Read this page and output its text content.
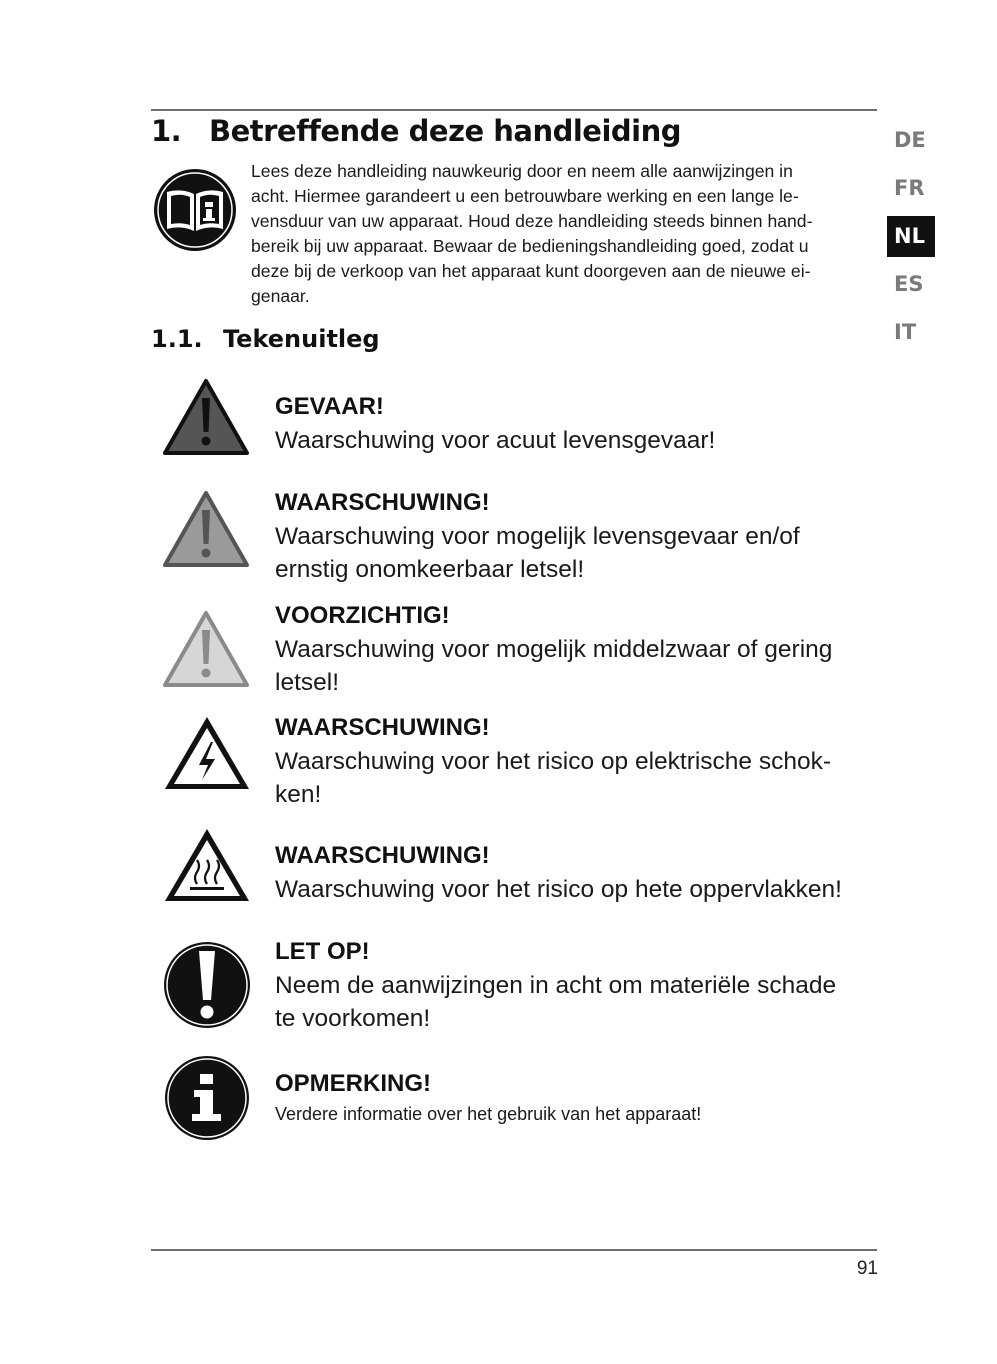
1. Betreffende deze handleiding

Lees deze handleiding nauwkeurig door en neem alle aanwijzingen in
acht. Hiermee garandeert u een betrouwbare werking en een lange le-
vensduur van uw apparaat. Houd deze handleiding steeds binnen hand-
bereik bij uw apparaat. Bewaar de bedieningshandleiding goed, zodat u
deze bij de verkoop van het apparaat kunt doorgeven aan de nieuwe ei-
genaar.

1.1. Tekenuitleg
GEVAAR!
Waarschuwing voor acuut levensgevaar!
WAARSCHUWING!
Waarschuwing voor mogelijk levensgevaar en/of
ernstig onomkeerbaar letsel!
VOORZICHTIG!
Waarschuwing voor mogelijk middelzwaar of gering
letsel!
WAARSCHUWING!
Waarschuwing voor het risico op elektrische schok-
ken!
WAARSCHUWING!
Waarschuwing voor het risico op hete oppervlakken!
LET OP!
Neem de aanwijzingen in acht om materiële schade
te voorkomen!
OPMERKING!
Verdere informatie over het gebruik van het apparaat!
DE
FR
NL
ES
IT
91
